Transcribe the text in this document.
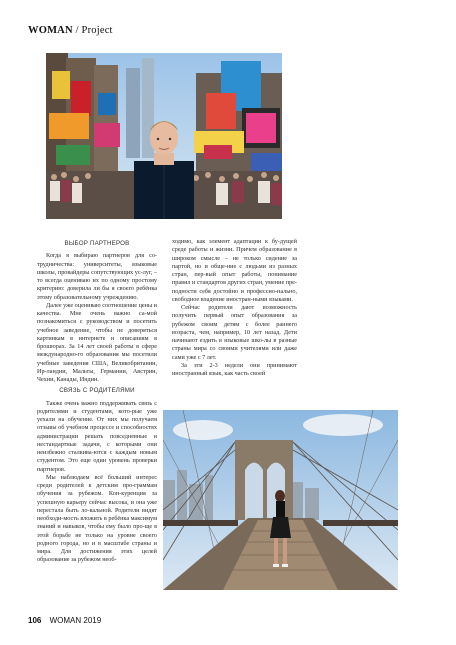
WOMAN / Project
ВЫБОР ПАРТНЕРОВ

Когда я выбираю партнеров для со-трудничества: университеты, языковые школы, провайдеры сопутствующих ус-луг, – то всегда оцениваю их по одному простому критерию: доверила ли бы я своего ребёнка этому образовательному учреждению.

Далее уже оцениваю соотношение цены и качества. Мне очень важно са-мой познакомиться с руководством и посетить учебное заведение, чтобы не доверяться картинкам в интернете и описаниям в брошюрах. За 14 лет своей работы в сфере международно-го образования мы посетили учебные заведения США, Великобритании, Ир-ландии, Мальты, Германии, Австрии, Чехии, Канады, Индии.

СВЯЗЬ С РОДИТЕЛЯМИ

Также очень важно поддерживать связь с родителями и студентами, кото-рые уже уехали на обучение. От них мы получаем отзывы об учебном процессе и способностях администрации решать повседневные и нестандартные задачи, с которыми они неизбежно сталкива-ются с каждым новым студентом. Это еще один уровень проверки партнеров.

Мы наблюдаем всё больший интерес среди родителей к детским про-граммам обучения за рубежом. Кон-куренция за успешную карьеру сейчас высока, и она уже перестала быть ло-кальной. Родители видят необходи-мость вложить в ребёнка максимум знаний и навыков, чтобы ему было про-ще в этой борьбе не только на уровне своего родного города, но и в масштабе страны и мира. Для достижения этих целей образование за рубежом необ-

ходимо, как элемент адаптации к бу-дущей среде работы и жизни. Причем образование в широком смысле – не только сидение за партой, но и обще-ние с людьми из разных стран, пер-вый опыт работы, понимание правил и стандартов других стран, умение пре-подности себя достойно и профессио-нально, свободное владение иностран-ными языками.

Сейчас родители дают возможность получить первый опыт образования за рубежом своим детям с более раннего возраста, чем, например, 10 лет назад. Дети начинают ездить в языковые шко-лы в разные страны мира со своими учителями или даже сами уже с 7 лет.

За эти 2-3 недели они принимают иностранный язык, как часть своей

106 WOMAN 2019
